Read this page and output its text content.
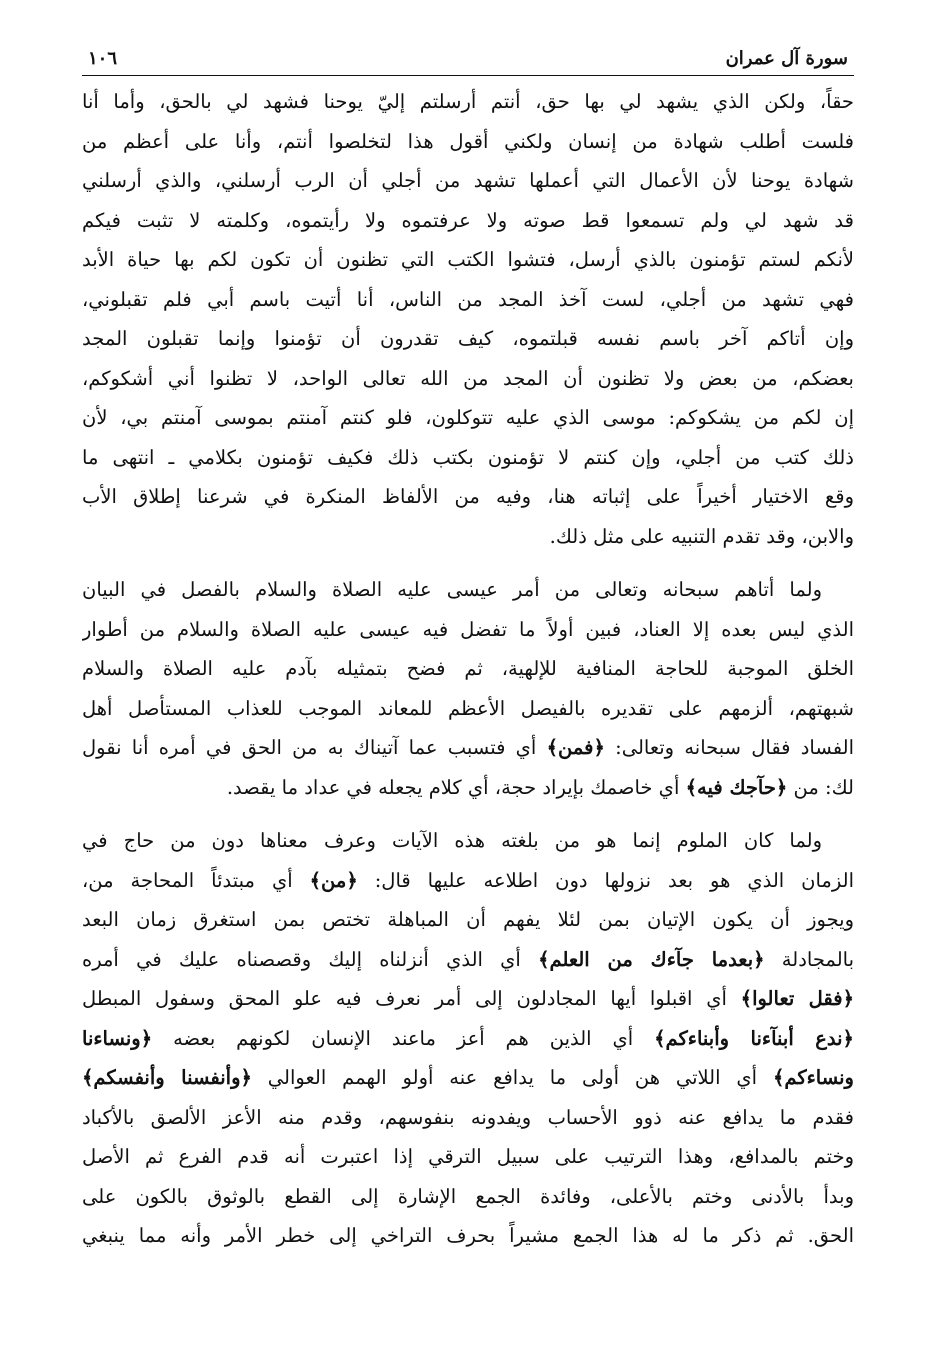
سورة آل عمران
١٠٦

حقاً، ولكن الذي يشهد لي بها حق، أنتم أرسلتم إليّ يوحنا فشهد لي بالحق، وأما أنا
فلست أطلب شهادة من إنسان ولكني أقول هذا لتخلصوا أنتم، وأنا على أعظم من
شهادة يوحنا لأن الأعمال التي أعملها تشهد من أجلي أن الرب أرسلني، والذي أرسلني
قد شهد لي ولم تسمعوا قط صوته ولا عرفتموه ولا رأيتموه، وكلمته لا تثبت فيكم
لأنكم لستم تؤمنون بالذي أرسل، فتشوا الكتب التي تظنون أن تكون لكم بها حياة الأبد
فهي تشهد من أجلي، لست آخذ المجد من الناس، أنا أتيت باسم أبي فلم تقبلوني،
وإن أتاكم آخر باسم نفسه قبلتموه، كيف تقدرون أن تؤمنوا وإنما تقبلون المجد
بعضكم، من بعض ولا تظنون أن المجد من الله تعالى الواحد، لا تظنوا أني أشكوكم،
إن لكم من يشكوكم: موسى الذي عليه تتوكلون، فلو كنتم آمنتم بموسى آمنتم بي، لأن
ذلك كتب من أجلي، وإن كنتم لا تؤمنون بكتب ذلك فكيف تؤمنون بكلامي ـ انتهى ما
وقع الاختيار أخيراً على إثباته هنا، وفيه من الألفاظ المنكرة في شرعنا إطلاق الأب
والابن، وقد تقدم التنبيه على مثل ذلك.

ولما أتاهم سبحانه وتعالى من أمر عيسى عليه الصلاة والسلام بالفصل في البيان
الذي ليس بعده إلا العناد، فبين أولاً ما تفضل فيه عيسى عليه الصلاة والسلام من أطوار
الخلق الموجبة للحاجة المنافية للإلهية، ثم فضح بتمثيله بآدم عليه الصلاة والسلام
شبهتهم، ألزمهم على تقديره بالفيصل الأعظم للمعاند الموجب للعذاب المستأصل أهل
الفساد فقال سبحانه وتعالى: ﴿فمن﴾ أي فتسبب عما آتيناك به من الحق في أمره أنا نقول
لك: من ﴿حآجك فيه﴾ أي خاصمك بإيراد حجة، أي كلام يجعله في عداد ما يقصد.

ولما كان الملوم إنما هو من بلغته هذه الآيات وعرف معناها دون من حاج في
الزمان الذي هو بعد نزولها دون اطلاعه عليها قال: ﴿من﴾ أي مبتدئاً المحاجة من،
ويجوز أن يكون الإتيان بمن لئلا يفهم أن المباهلة تختص بمن استغرق زمان البعد
بالمجادلة ﴿بعدما جآءك من العلم﴾ أي الذي أنزلناه إليك وقصصناه عليك في أمره
﴿فقل تعالوا﴾ أي اقبلوا أيها المجادلون إلى أمر نعرف فيه علو المحق وسفول المبطل
﴿ندع أبنآءنا وأبناءكم﴾ أي الذين هم أعز ماعند الإنسان لكونهم بعضه ﴿ونساءنا
ونساءكم﴾ أي اللاتي هن أولى ما يدافع عنه أولو الهمم العوالي ﴿وأنفسنا وأنفسكم﴾
فقدم ما يدافع عنه ذوو الأحساب ويفدونه بنفوسهم، وقدم منه الأعز الألصق بالأكباد
وختم بالمدافع، وهذا الترتيب على سبيل الترقي إذا اعتبرت أنه قدم الفرع ثم الأصل
وبدأ بالأدنى وختم بالأعلى، وفائدة الجمع الإشارة إلى القطع بالوثوق بالكون على
الحق. ثم ذكر ما له هذا الجمع مشيراً بحرف التراخي إلى خطر الأمر وأنه مما ينبغي
